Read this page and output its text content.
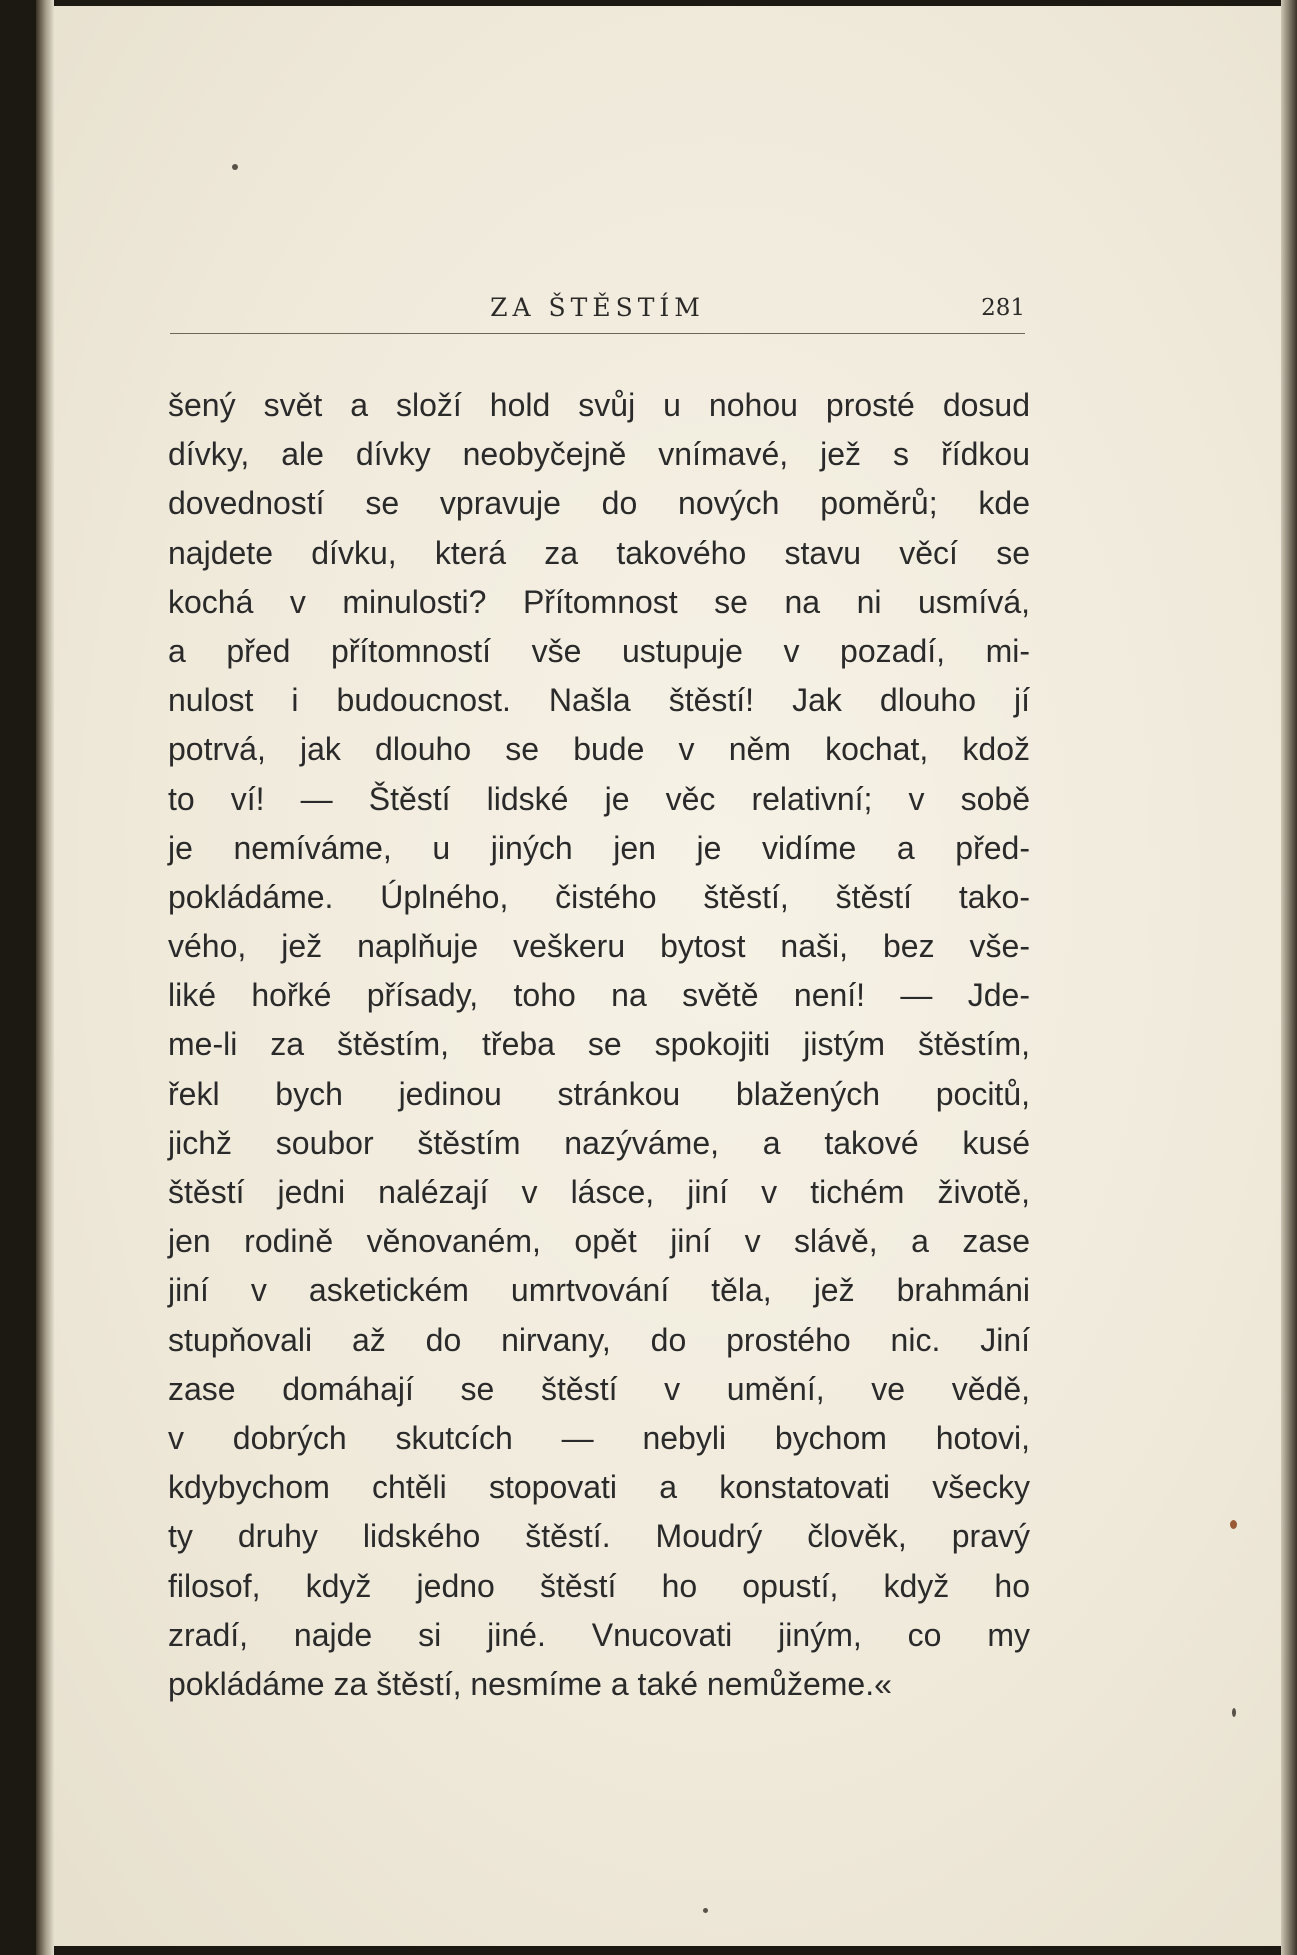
ZA ŠTĚSTÍM	281
šený svět a složí hold svůj u nohou prosté dosud
dívky, ale dívky neobyčejně vnímavé, jež s řídkou
dovedností se vpravuje do nových poměrů; kde
najdete dívku, která za takového stavu věcí se
kochá v minulosti? Přítomnost se na ni usmívá,
a před přítomností vše ustupuje v pozadí, mi-
nulost i budoucnost. Našla štěstí! Jak dlouho jí
potrvá, jak dlouho se bude v něm kochat, kdož
to ví! — Štěstí lidské je věc relativní; v sobě
je nemíváme, u jiných jen je vidíme a před-
pokládáme. Úplného, čistého štěstí, štěstí tako-
vého, jež naplňuje veškeru bytost naši, bez vše-
liké hořké přísady, toho na světě není! — Jde-
me-li za štěstím, třeba se spokojiti jistým štěstím,
řekl bych jedinou stránkou blažených pocitů,
jichž soubor štěstím nazýváme, a takové kusé
štěstí jedni nalézají v lásce, jiní v tichém životě,
jen rodině věnovaném, opět jiní v slávě, a zase
jiní v asketickém umrtvování těla, jež brahmáni
stupňovali až do nirvany, do prostého nic. Jiní
zase domáhají se štěstí v umění, ve vědě,
v dobrých skutcích — nebyli bychom hotovi,
kdybychom chtěli stopovati a konstatovati všecky
ty druhy lidského štěstí. Moudrý člověk, pravý
filosof, když jedno štěstí ho opustí, když ho
zradí, najde si jiné. Vnucovati jiným, co my
pokládáme za štěstí, nesmíme a také nemůžeme.«
